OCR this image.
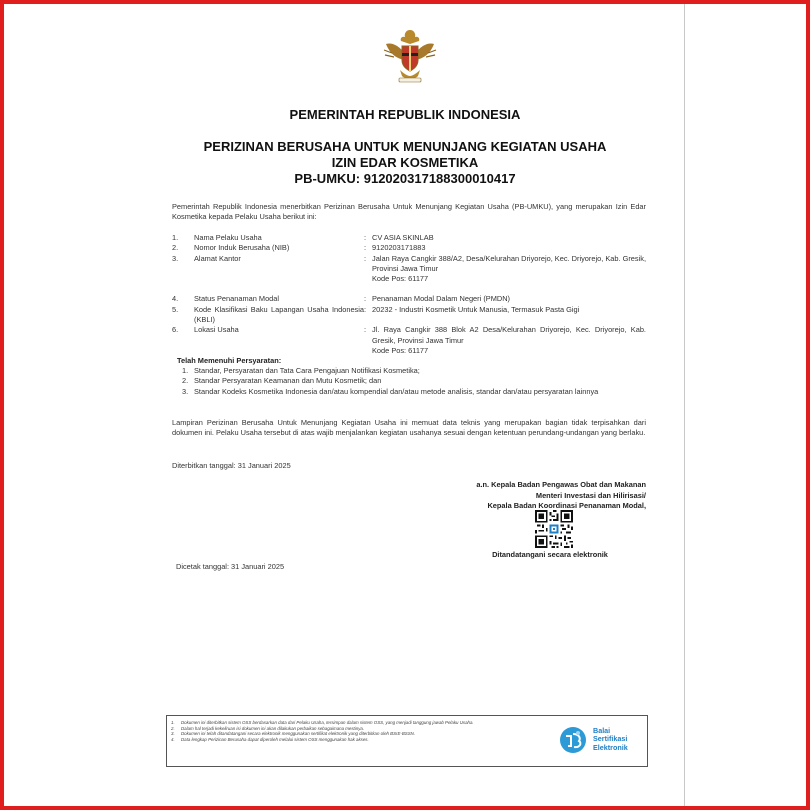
PEMERINTAH REPUBLIK INDONESIA
PERIZINAN BERUSAHA UNTUK MENUNJANG KEGIATAN USAHA
IZIN EDAR KOSMETIKA
PB-UMKU: 912020317188300010417
Pemerintah Republik Indonesia menerbitkan Perizinan Berusaha Untuk Menunjang Kegiatan Usaha (PB-UMKU), yang merupakan Izin Edar Kosmetika kepada Pelaku Usaha berikut ini:
1.	Nama Pelaku Usaha	: CV ASIA SKINLAB
2.	Nomor Induk Berusaha (NIB)	: 9120203171883
3.	Alamat Kantor	: Jalan Raya Cangkir 388/A2, Desa/Kelurahan Driyorejo, Kec. Driyorejo, Kab. Gresik, Provinsi Jawa Timur
Kode Pos: 61177
4.	Status Penanaman Modal	: Penanaman Modal Dalam Negeri (PMDN)
5.	Kode Klasifikasi Baku Lapangan Usaha Indonesia (KBLI)
: 20232 - Industri Kosmetik Untuk Manusia, Termasuk Pasta Gigi
6.	Lokasi Usaha	: Jl. Raya Cangkir 388 Blok A2 Desa/Kelurahan Driyorejo, Kec. Driyorejo, Kab. Gresik, Provinsi Jawa Timur
Kode Pos: 61177
Telah Memenuhi Persyaratan:
1. Standar, Persyaratan dan Tata Cara Pengajuan Notifikasi Kosmetika;
2. Standar Persyaratan Keamanan dan Mutu Kosmetik; dan
3. Standar Kodeks Kosmetika Indonesia dan/atau kompendial dan/atau metode analisis, standar dan/atau persyaratan lainnya
Lampiran Perizinan Berusaha Untuk Menunjang Kegiatan Usaha ini memuat data teknis yang merupakan bagian tidak terpisahkan dari dokumen ini. Pelaku Usaha tersebut di atas wajib menjalankan kegiatan usahanya sesuai dengan ketentuan perundang-undangan yang berlaku.
Diterbitkan tanggal: 31 Januari 2025
a.n. Kepala Badan Pengawas Obat dan Makanan
Menteri Investasi dan Hilirisasi/
Kepala Badan Koordinasi Penanaman Modal,
Ditandatangani secara elektronik
Dicetak tanggal: 31 Januari 2025
1.	Dokumen ini diterbitkan sistem OSS berdasarkan data dari Pelaku Usaha, tersimpan dalam sistem OSS, yang menjadi tanggung jawab Pelaku Usaha.
2.	Dalam hal terjadi kekeliruan isi dokumen ini akan dilakukan perbaikan sebagaimana mestinya.
3.	Dokumen ini telah ditandatangani secara elektronik menggunakan sertifikat elektronik yang diterbitkan oleh BSrE-BSSN.
4.	Data lengkap Perizinan Berusaha dapat diperoleh melalui sistem OSS menggunakan hak akses.
Balai
Sertifikasi
Elektronik
